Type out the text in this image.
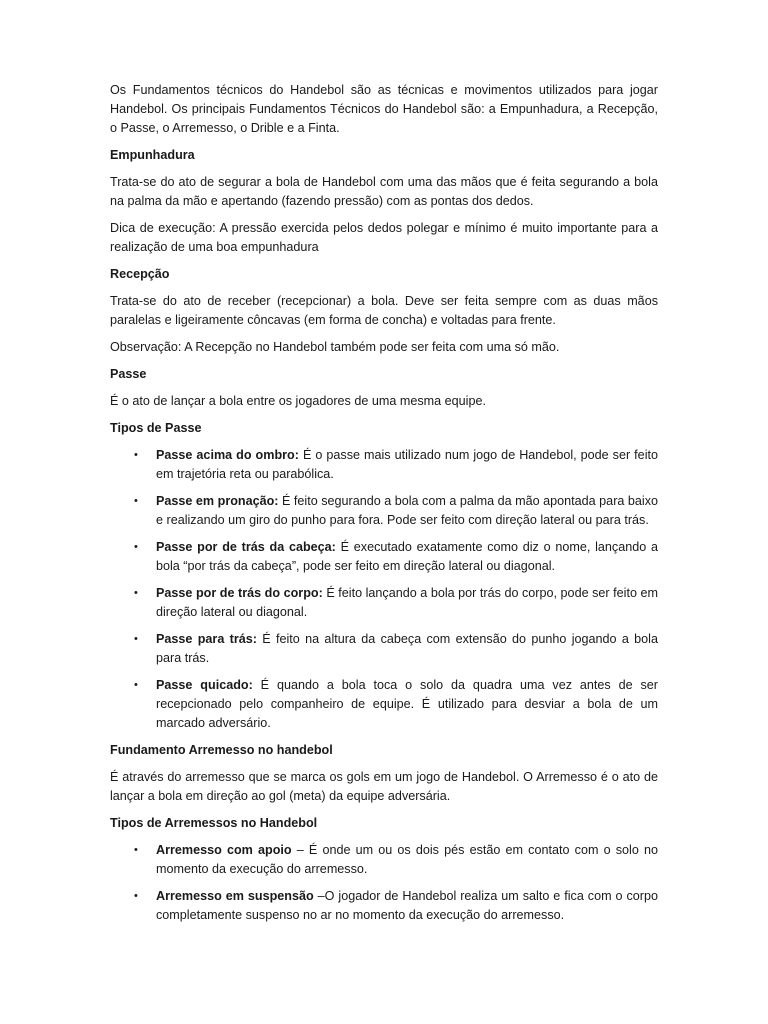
Os Fundamentos técnicos do Handebol são as técnicas e movimentos utilizados para jogar Handebol. Os principais Fundamentos Técnicos do Handebol são: a Empunhadura, a Recepção, o Passe, o Arremesso, o Drible e a Finta.

Empunhadura

Trata-se do ato de segurar a bola de Handebol com uma das mãos que é feita segurando a bola na palma da mão e apertando (fazendo pressão) com as pontas dos dedos.

Dica de execução: A pressão exercida pelos dedos polegar e mínimo é muito importante para a realização de uma boa empunhadura

Recepção

Trata-se do ato de receber (recepcionar) a bola. Deve ser feita sempre com as duas mãos paralelas e ligeiramente côncavas (em forma de concha) e voltadas para frente.

Observação: A Recepção no Handebol também pode ser feita com uma só mão.

Passe

É o ato de lançar a bola entre os jogadores de uma mesma equipe.

Tipos de Passe
• Passe acima do ombro: É o passe mais utilizado num jogo de Handebol, pode ser feito em trajetória reta ou parabólica.
• Passe em pronação: É feito segurando a bola com a palma da mão apontada para baixo e realizando um giro do punho para fora. Pode ser feito com direção lateral ou para trás.
• Passe por de trás da cabeça: É executado exatamente como diz o nome, lançando a bola “por trás da cabeça”, pode ser feito em direção lateral ou diagonal.
• Passe por de trás do corpo: É feito lançando a bola por trás do corpo, pode ser feito em direção lateral ou diagonal.
• Passe para trás: É feito na altura da cabeça com extensão do punho jogando a bola para trás.
• Passe quicado: É quando a bola toca o solo da quadra uma vez antes de ser recepcionado pelo companheiro de equipe. É utilizado para desviar a bola de um marcado adversário.
Fundamento Arremesso no handebol

É através do arremesso que se marca os gols em um jogo de Handebol. O Arremesso é o ato de lançar a bola em direção ao gol (meta) da equipe adversária.

Tipos de Arremessos no Handebol
• Arremesso com apoio – É onde um ou os dois pés estão em contato com o solo no momento da execução do arremesso.
• Arremesso em suspensão –O jogador de Handebol realiza um salto e fica com o corpo completamente suspenso no ar no momento da execução do arremesso.
